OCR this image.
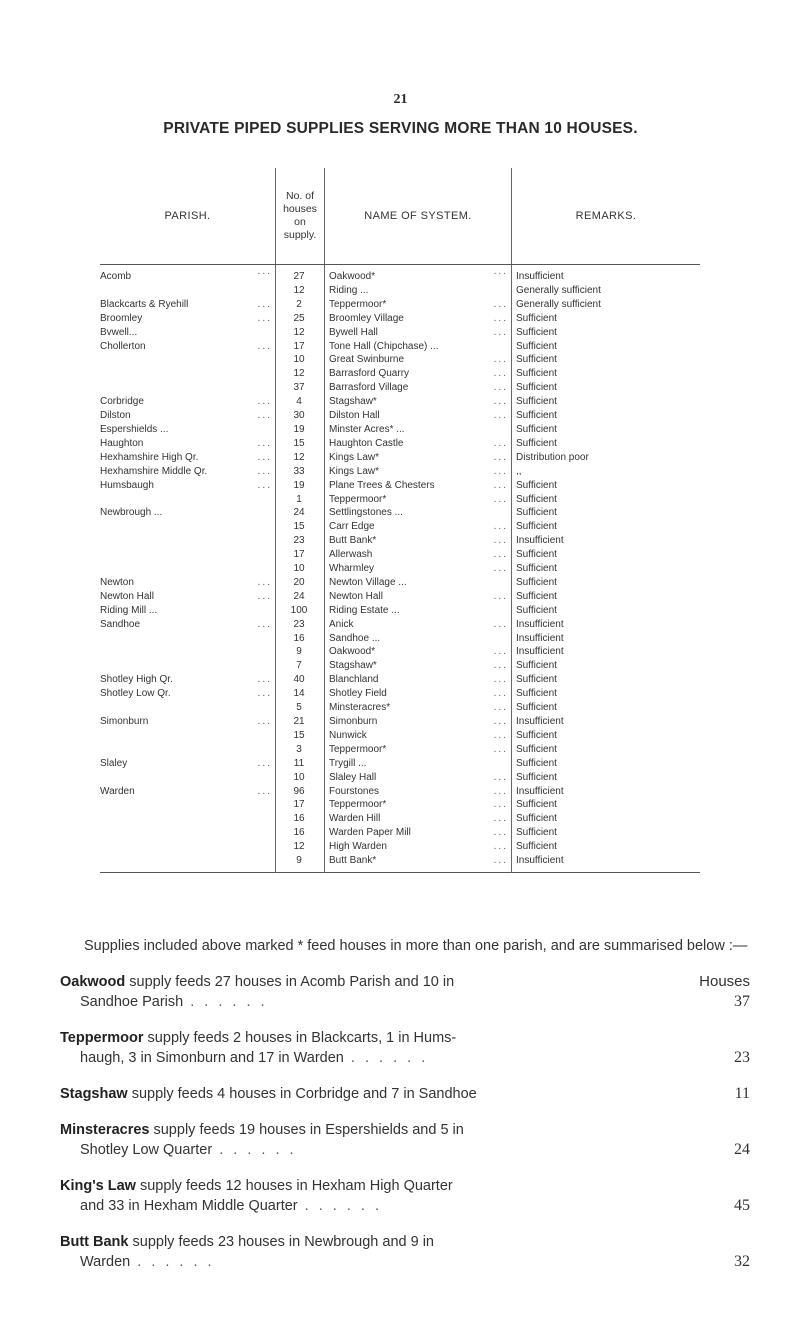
21
PRIVATE PIPED SUPPLIES SERVING MORE THAN 10 HOUSES.
PARISH.	No. of
houses
on
supply.	NAME OF SYSTEM.	REMARKS.
Acomb ...	27	Oakwood* ...	Insufficient
	12	Riding ...	Generally sufficient
Blackcarts & Ryehill ...	2	Teppermoor* ...	Generally sufficient
Broomley ...	25	Broomley Village ...	Sufficient
Bvwell...	12	Bywell Hall ...	Sufficient
Chollerton ...	17	Tone Hall (Chipchase) ...	Sufficient
	10	Great Swinburne ...	Sufficient
	12	Barrasford Quarry ...	Sufficient
	37	Barrasford Village ...	Sufficient
Corbridge ...	4	Stagshaw* ...	Sufficient
Dilston ...	30	Dilston Hall ...	Sufficient
Espershields ...	19	Minster Acres* ...	Sufficient
Haughton ...	15	Haughton Castle ...	Sufficient
Hexhamshire High Qr. ...	12	Kings Law* ...	Distribution poor
Hexhamshire Middle Qr. ...	33	Kings Law* ...	,,
Humsbaugh ...	19	Plane Trees & Chesters ...	Sufficient
	1	Teppermoor* ...	Sufficient
Newbrough ...	24	Settlingstones ...	Sufficient
	15	Carr Edge ...	Sufficient
	23	Butt Bank* ...	Insufficient
	17	Allerwash ...	Sufficient
	10	Wharmley ...	Sufficient
Newton ...	20	Newton Village ...	Sufficient
Newton Hall ...	24	Newton Hall ...	Sufficient
Riding Mill ...	100	Riding Estate ...	Sufficient
Sandhoe ...	23	Anick ...	Insufficient
	16	Sandhoe ...	Insufficient
	9	Oakwood* ...	Insufficient
	7	Stagshaw* ...	Sufficient
Shotley High Qr. ...	40	Blanchland ...	Sufficient
Shotley Low Qr. ...	14	Shotley Field ...	Sufficient
	5	Minsteracres* ...	Sufficient
Simonburn ...	21	Simonburn ...	Insufficient
	15	Nunwick ...	Sufficient
	3	Teppermoor* ...	Sufficient
Slaley ...	11	Trygill ...	Sufficient
	10	Slaley Hall ...	Sufficient
Warden ...	96	Fourstones ...	Insufficient
	17	Teppermoor* ...	Sufficient
	16	Warden Hill ...	Sufficient
	16	Warden Paper Mill ...	Sufficient
	12	High Warden ...	Sufficient
	9	Butt Bank* ...	Insufficient

Supplies included above marked * feed houses in more than one parish, and are summarised below :—

Houses
Oakwood supply feeds 27 houses in Acomb Parish and 10 in
Sandhoe Parish . . . . . .	37
Teppermoor supply feeds 2 houses in Blackcarts, 1 in Hums-
haugh, 3 in Simonburn and 17 in Warden . . . . . .	23
Stagshaw supply feeds 4 houses in Corbridge and 7 in Sandhoe	11
Minsteracres supply feeds 19 houses in Espershields and 5 in
Shotley Low Quarter . . . . . .	24
King's Law supply feeds 12 houses in Hexham High Quarter
and 33 in Hexham Middle Quarter . . . . . .	45
Butt Bank supply feeds 23 houses in Newbrough and 9 in
Warden . . . . . .	32
